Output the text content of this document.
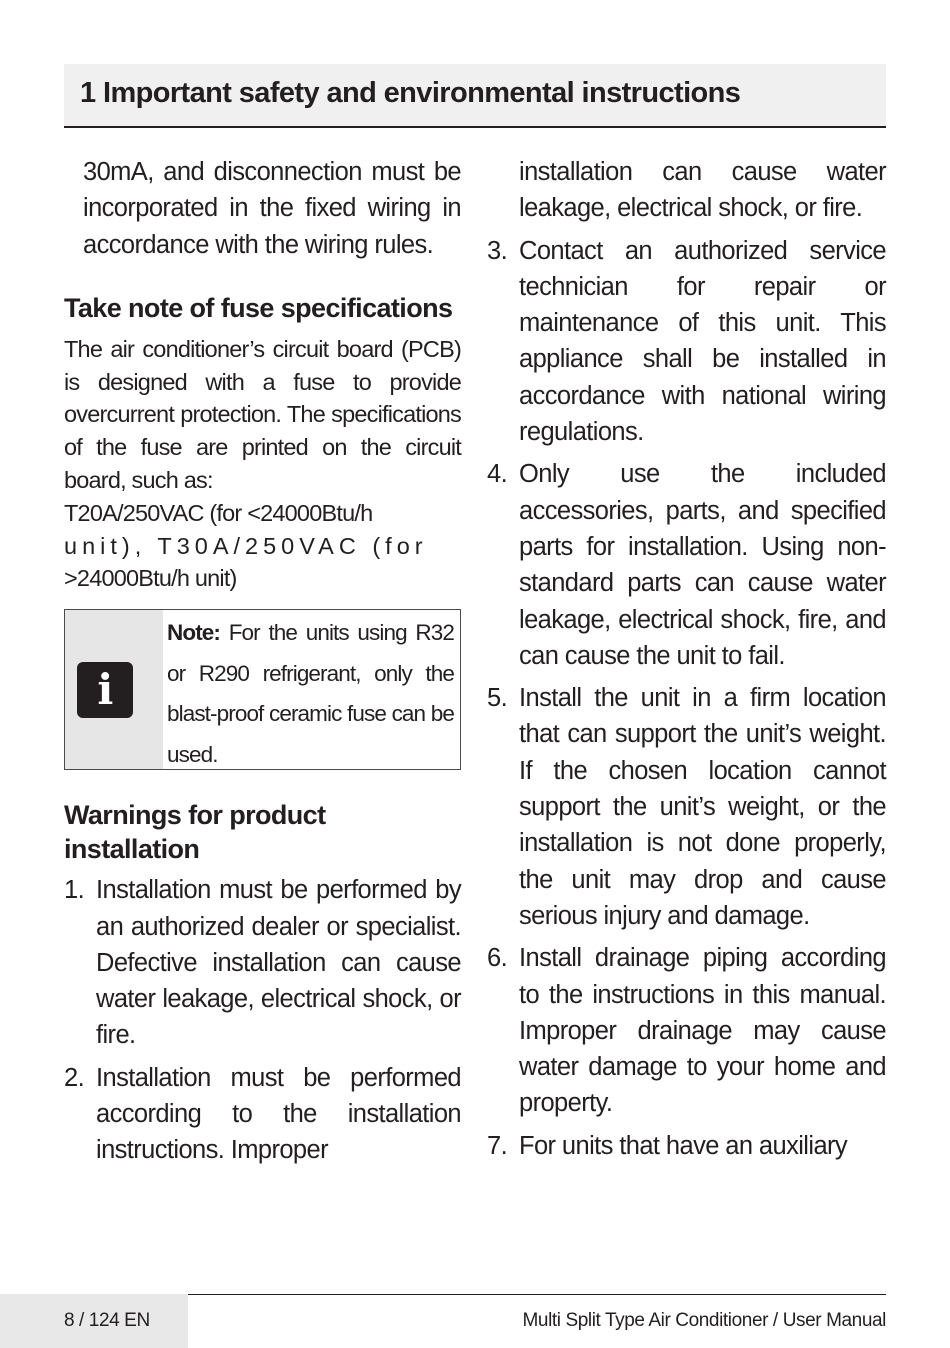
1 Important safety and environmental instructions

30mA, and disconnection must be incorporated in the fixed wiring in accordance with the wiring rules.

Take note of fuse specifications

The air conditioner’s circuit board (PCB) is designed with a fuse to provide overcurrent protection. The specifications of the fuse are printed on the circuit board, such as:

T20A/250VAC (for <24000Btu/h

unit), T30A/250VAC (for

>24000Btu/h unit)

i
Note: For the units using R32 or R290 refrigerant, only the blast-proof ceramic fuse can be used.
Warnings for product installation
1. Installation must be performed by an authorized dealer or specialist. Defective installation can cause water leakage, electrical shock, or fire.
2. Installation must be performed according to the installation instructions. Improper

installation can cause water leakage, electrical shock, or fire.

3. Contact an authorized service technician for repair or maintenance of this unit. This appliance shall be installed in accordance with national wiring regulations.
4. Only use the included accessories, parts, and specified parts for installation. Using non-standard parts can cause water leakage, electrical shock, fire, and can cause the unit to fail.
5. Install the unit in a firm location that can support the unit’s weight. If the chosen location cannot support the unit’s weight, or the installation is not done properly, the unit may drop and cause serious injury and damage.
6. Install drainage piping according to the instructions in this manual. Improper drainage may cause water damage to your home and property.
7. For units that have an auxiliary
8 / 124 EN	Multi Split Type Air Conditioner / User Manual
